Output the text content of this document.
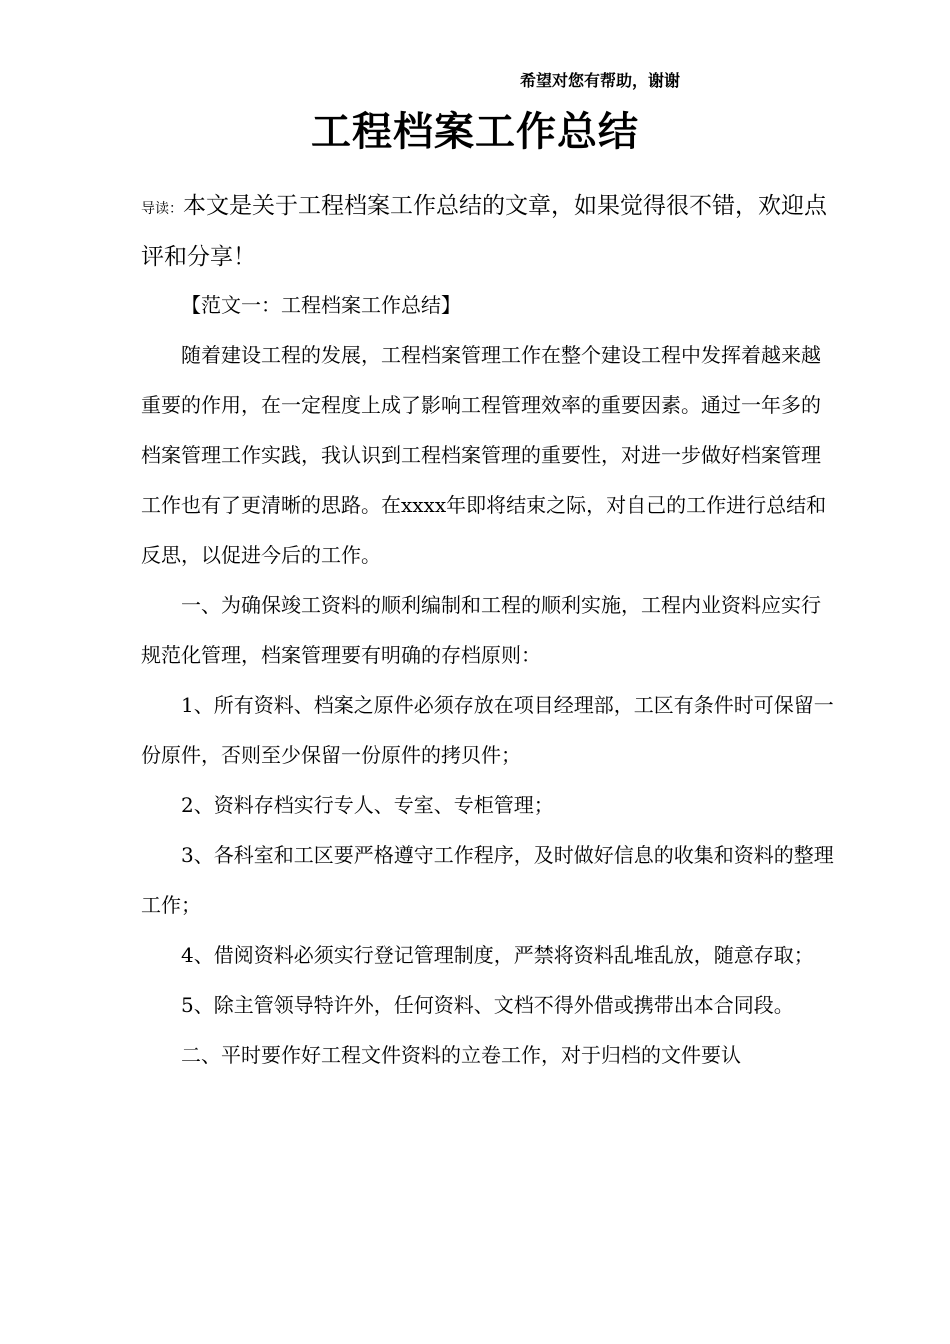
希望对您有帮助，谢谢
工程档案工作总结
导读：本文是关于工程档案工作总结的文章，如果觉得很不错，欢迎点评和分享！

【范文一：工程档案工作总结】

随着建设工程的发展，工程档案管理工作在整个建设工程中发挥着越来越重要的作用，在一定程度上成了影响工程管理效率的重要因素。通过一年多的档案管理工作实践，我认识到工程档案管理的重要性，对进一步做好档案管理工作也有了更清晰的思路。在xxxx年即将结束之际，对自己的工作进行总结和反思，以促进今后的工作。

一、为确保竣工资料的顺利编制和工程的顺利实施，工程内业资料应实行规范化管理，档案管理要有明确的存档原则：

1、所有资料、档案之原件必须存放在项目经理部，工区有条件时可保留一份原件，否则至少保留一份原件的拷贝件；

2、资料存档实行专人、专室、专柜管理；

3、各科室和工区要严格遵守工作程序，及时做好信息的收集和资料的整理工作；

4、借阅资料必须实行登记管理制度，严禁将资料乱堆乱放，随意存取；

5、除主管领导特许外，任何资料、文档不得外借或携带出本合同段。

二、平时要作好工程文件资料的立卷工作，对于归档的文件要认
